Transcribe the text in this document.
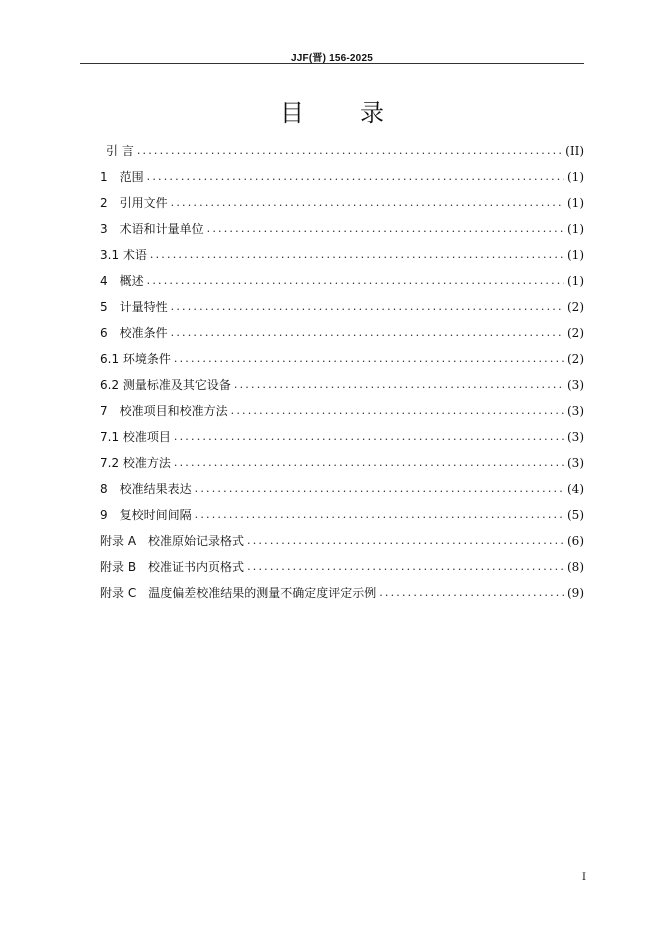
JJF(晋) 156-2025
目录
引 言 .....	(II)
1　范围 .....	(1)
2　引用文件 .....	(1)
3　术语和计量单位 .....	(1)
3.1 术语 .....	(1)
4　概述 .....	(1)
5　计量特性 .....	(2)
6　校准条件 .....	(2)
6.1 环境条件 .....	(2)
6.2 测量标准及其它设备 .....	(3)
7　校准项目和校准方法 .....	(3)
7.1 校准项目 .....	(3)
7.2 校准方法 .....	(3)
8　校准结果表达 .....	(4)
9　复校时间间隔 .....	(5)
附录 A　校准原始记录格式 .....	(6)
附录 B　校准证书内页格式 .....	(8)
附录 C　温度偏差校准结果的测量不确定度评定示例 .....	(9)
I
